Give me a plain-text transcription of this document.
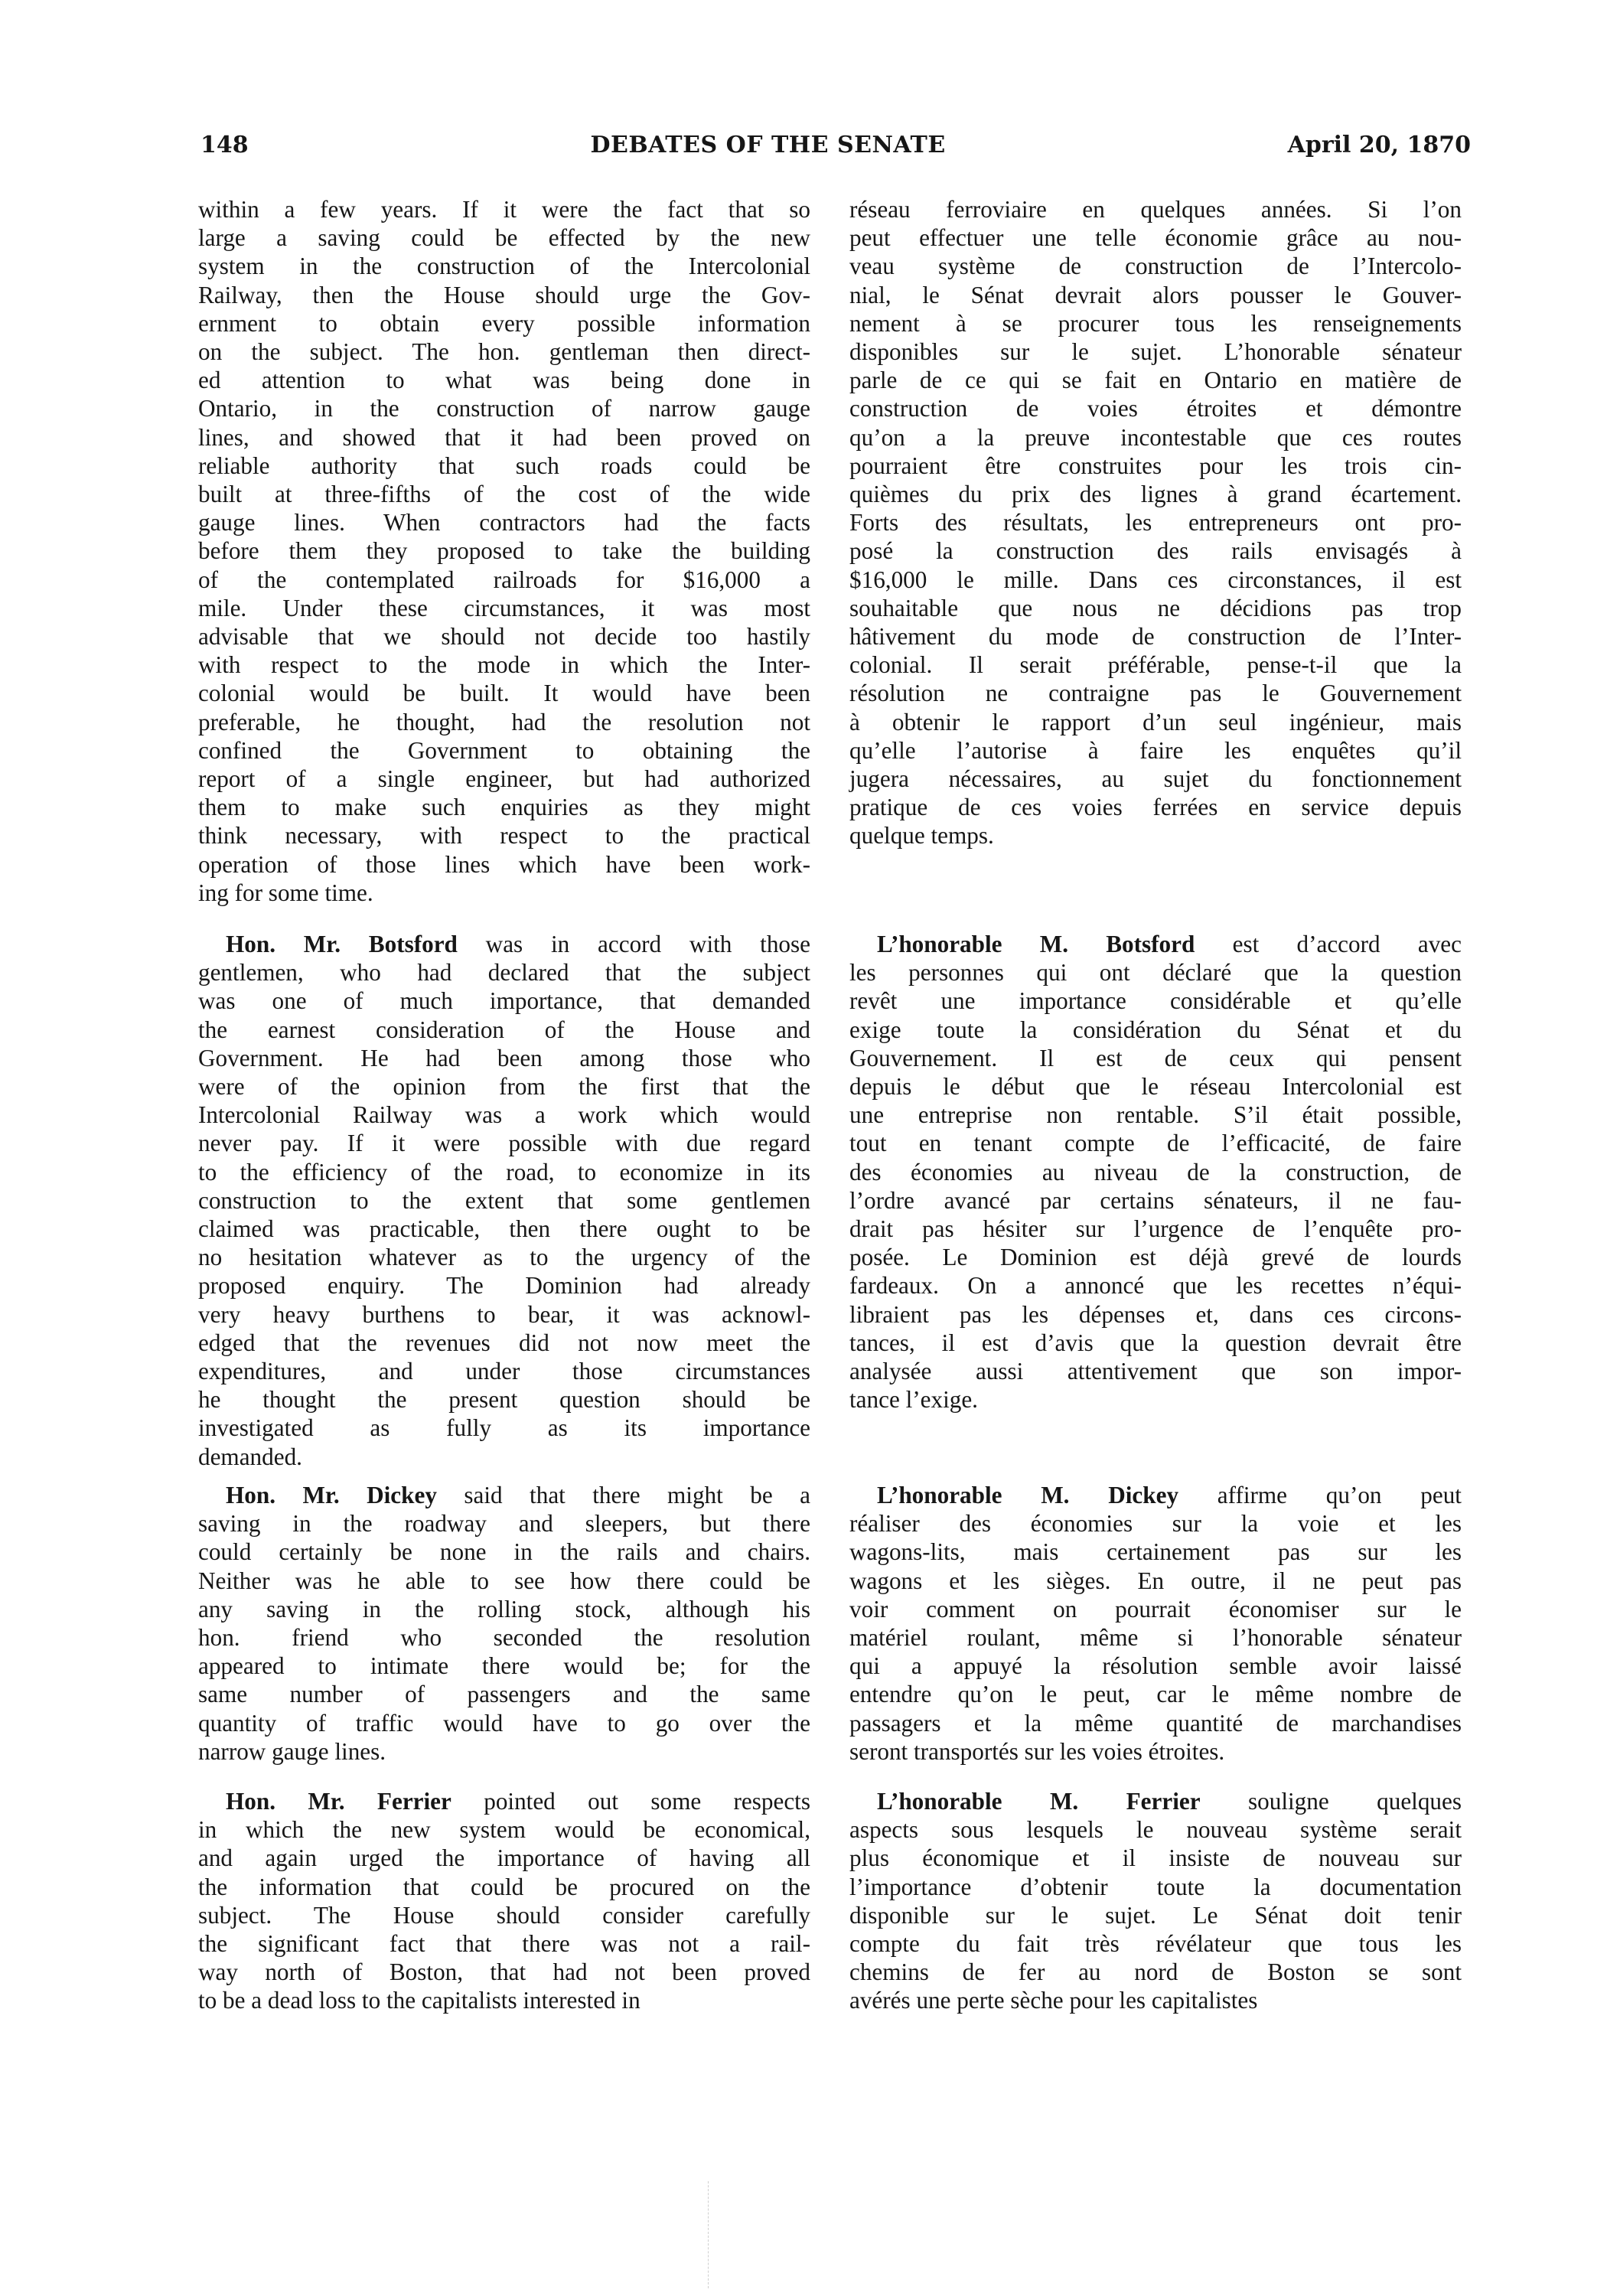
148	DEBATES OF THE SENATE	April 20, 1870
within a few years. If it were the fact that so
large a saving could be effected by the new
system in the construction of the Intercolonial
Railway, then the House should urge the Gov-
ernment to obtain every possible information
on the subject. The hon. gentleman then direct-
ed attention to what was being done in
Ontario, in the construction of narrow gauge
lines, and showed that it had been proved on
reliable authority that such roads could be
built at three-fifths of the cost of the wide
gauge lines. When contractors had the facts
before them they proposed to take the building
of the contemplated railroads for $16,000 a
mile. Under these circumstances, it was most
advisable that we should not decide too hastily
with respect to the mode in which the Inter-
colonial would be built. It would have been
preferable, he thought, had the resolution not
confined the Government to obtaining the
report of a single engineer, but had authorized
them to make such enquiries as they might
think necessary, with respect to the practical
operation of those lines which have been work-
ing for some time.
Hon. Mr. Botsford was in accord with those
gentlemen, who had declared that the subject
was one of much importance, that demanded
the earnest consideration of the House and
Government. He had been among those who
were of the opinion from the first that the
Intercolonial Railway was a work which would
never pay. If it were possible with due regard
to the efficiency of the road, to economize in its
construction to the extent that some gentlemen
claimed was practicable, then there ought to be
no hesitation whatever as to the urgency of the
proposed enquiry. The Dominion had already
very heavy burthens to bear, it was acknowl-
edged that the revenues did not now meet the
expenditures, and under those circumstances
he thought the present question should be
investigated as fully as its importance
demanded.
Hon. Mr. Dickey said that there might be a
saving in the roadway and sleepers, but there
could certainly be none in the rails and chairs.
Neither was he able to see how there could be
any saving in the rolling stock, although his
hon. friend who seconded the resolution
appeared to intimate there would be; for the
same number of passengers and the same
quantity of traffic would have to go over the
narrow gauge lines.
Hon. Mr. Ferrier pointed out some respects
in which the new system would be economical,
and again urged the importance of having all
the information that could be procured on the
subject. The House should consider carefully
the significant fact that there was not a rail-
way north of Boston, that had not been proved
to be a dead loss to the capitalists interested in
réseau ferroviaire en quelques années. Si l’on
peut effectuer une telle économie grâce au nou-
veau système de construction de l’Intercolo-
nial, le Sénat devrait alors pousser le Gouver-
nement à se procurer tous les renseignements
disponibles sur le sujet. L’honorable sénateur
parle de ce qui se fait en Ontario en matière de
construction de voies étroites et démontre
qu’on a la preuve incontestable que ces routes
pourraient être construites pour les trois cin-
quièmes du prix des lignes à grand écartement.
Forts des résultats, les entrepreneurs ont pro-
posé la construction des rails envisagés à
$16,000 le mille. Dans ces circonstances, il est
souhaitable que nous ne décidions pas trop
hâtivement du mode de construction de l’Inter-
colonial. Il serait préférable, pense-t-il que la
résolution ne contraigne pas le Gouvernement
à obtenir le rapport d’un seul ingénieur, mais
qu’elle l’autorise à faire les enquêtes qu’il
jugera nécessaires, au sujet du fonctionnement
pratique de ces voies ferrées en service depuis
quelque temps.
L’honorable M. Botsford est d’accord avec
les personnes qui ont déclaré que la question
revêt une importance considérable et qu’elle
exige toute la considération du Sénat et du
Gouvernement. Il est de ceux qui pensent
depuis le début que le réseau Intercolonial est
une entreprise non rentable. S’il était possible,
tout en tenant compte de l’efficacité, de faire
des économies au niveau de la construction, de
l’ordre avancé par certains sénateurs, il ne fau-
drait pas hésiter sur l’urgence de l’enquête pro-
posée. Le Dominion est déjà grevé de lourds
fardeaux. On a annoncé que les recettes n’équi-
libraient pas les dépenses et, dans ces circons-
tances, il est d’avis que la question devrait être
analysée aussi attentivement que son impor-
tance l’exige.
L’honorable M. Dickey affirme qu’on peut
réaliser des économies sur la voie et les
wagons-lits, mais certainement pas sur les
wagons et les sièges. En outre, il ne peut pas
voir comment on pourrait économiser sur le
matériel roulant, même si l’honorable sénateur
qui a appuyé la résolution semble avoir laissé
entendre qu’on le peut, car le même nombre de
passagers et la même quantité de marchandises
seront transportés sur les voies étroites.
L’honorable M. Ferrier souligne quelques
aspects sous lesquels le nouveau système serait
plus économique et il insiste de nouveau sur
l’importance d’obtenir toute la documentation
disponible sur le sujet. Le Sénat doit tenir
compte du fait très révélateur que tous les
chemins de fer au nord de Boston se sont
avérés une perte sèche pour les capitalistes
